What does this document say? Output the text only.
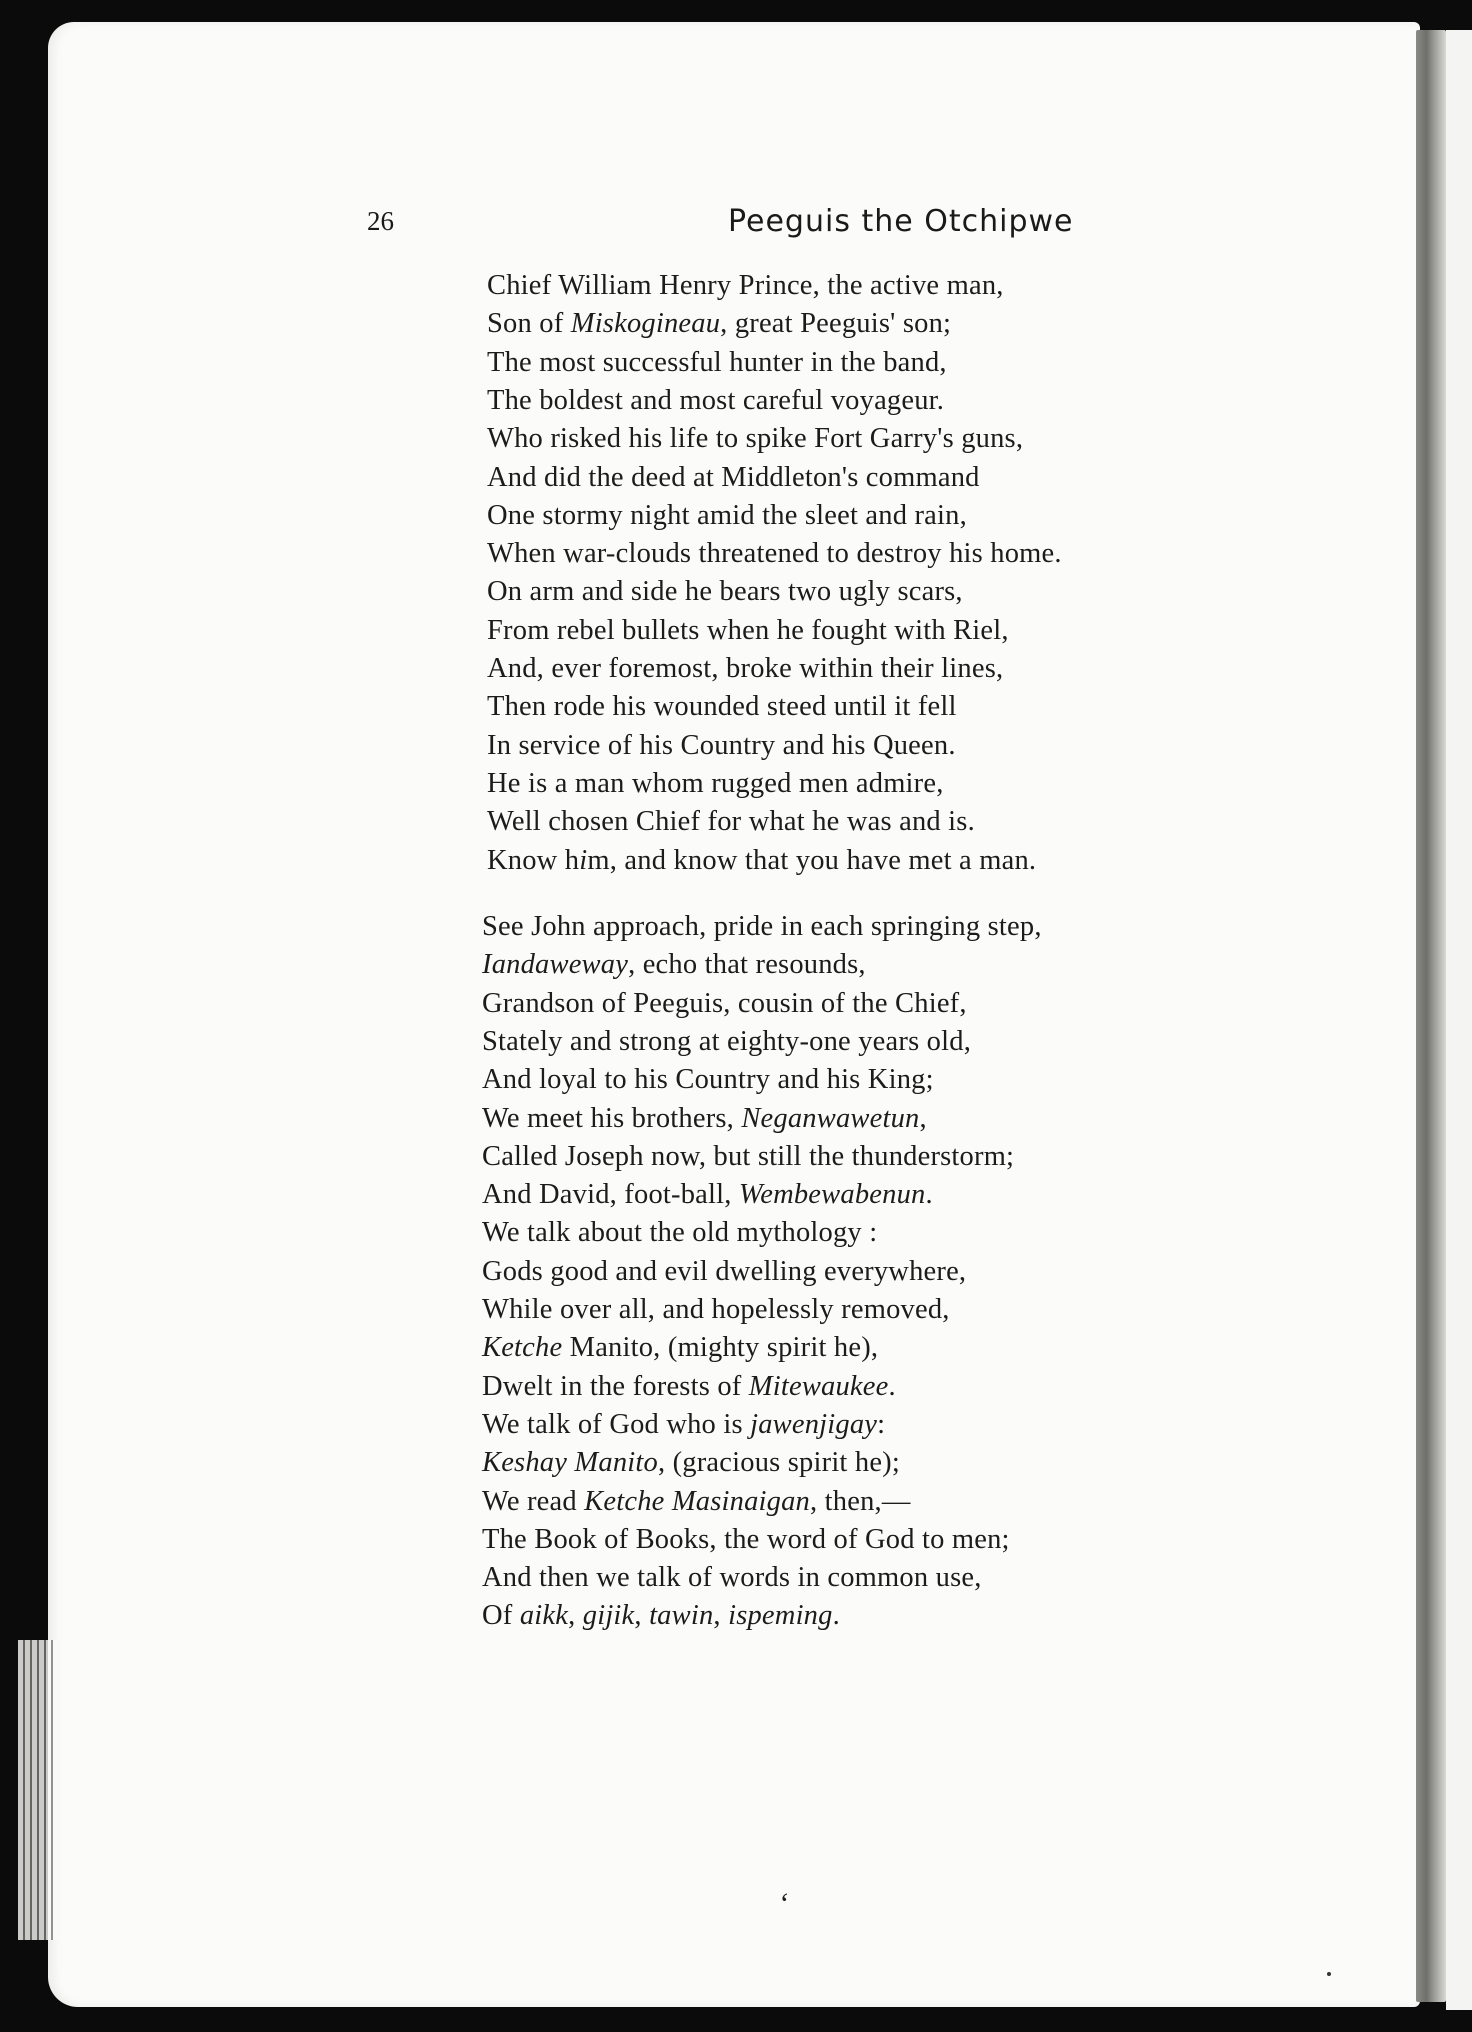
26	Peeguis the Otchipwe
Chief William Henry Prince, the active man,
Son of Miskogineau, great Peeguis' son;
The most successful hunter in the band,
The boldest and most careful voyageur.
Who risked his life to spike Fort Garry's guns,
And did the deed at Middleton's command
One stormy night amid the sleet and rain,
When war-clouds threatened to destroy his home.
On arm and side he bears two ugly scars,
From rebel bullets when he fought with Riel,
And, ever foremost, broke within their lines,
Then rode his wounded steed until it fell
In service of his Country and his Queen.
He is a man whom rugged men admire,
Well chosen Chief for what he was and is.
Know him, and know that you have met a man.
See John approach, pride in each springing step,
Iandaweway, echo that resounds,
Grandson of Peeguis, cousin of the Chief,
Stately and strong at eighty-one years old,
And loyal to his Country and his King;
We meet his brothers, Neganwawetun,
Called Joseph now, but still the thunderstorm;
And David, foot-ball, Wembewabenun.
We talk about the old mythology :
Gods good and evil dwelling everywhere,
While over all, and hopelessly removed,
Ketche Manito, (mighty spirit he),
Dwelt in the forests of Mitewaukee.
We talk of God who is jawenjigay:
Keshay Manito, (gracious spirit he);
We read Ketche Masinaigan, then,—
The Book of Books, the word of God to men;
And then we talk of words in common use,
Of aikk, gijik, tawin, ispeming.
‘
